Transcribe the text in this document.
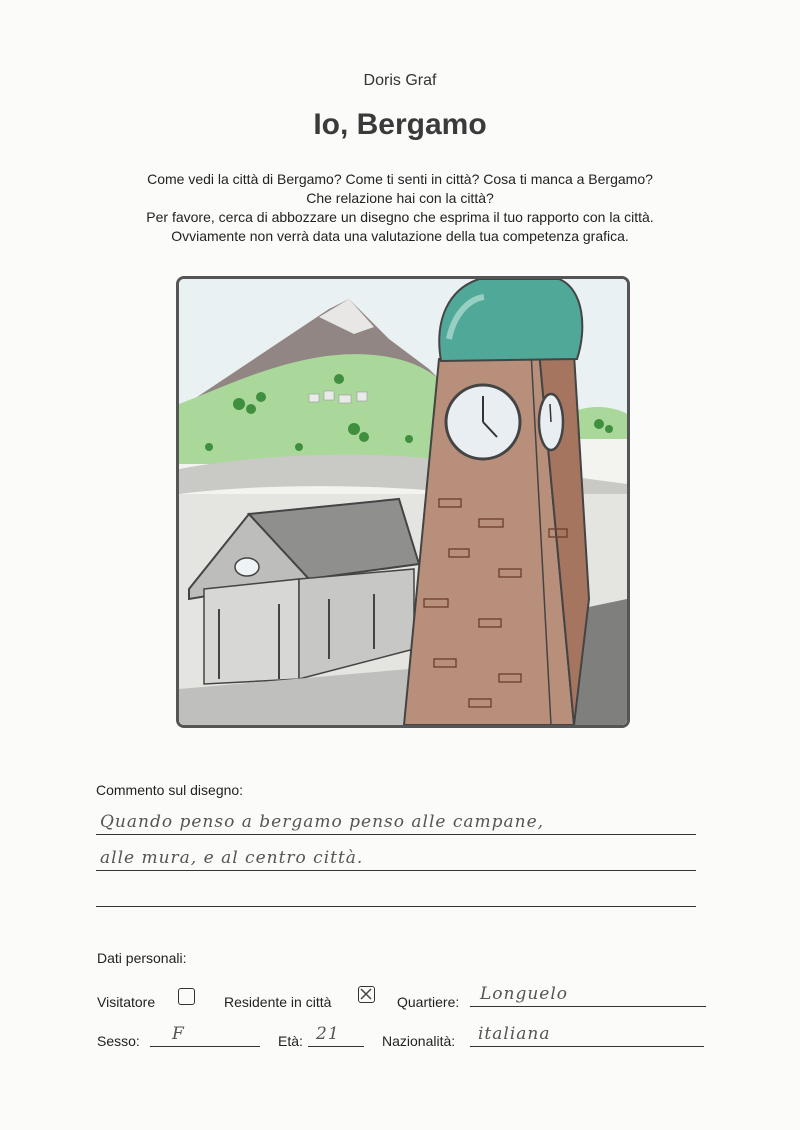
Doris Graf
Io, Bergamo
Come vedi la città di Bergamo? Come ti senti in città? Cosa ti manca a Bergamo?
Che relazione hai con la città?
Per favore, cerca di abbozzare un disegno che esprima il tuo rapporto con la città.
Ovviamente non verrà data una valutazione della tua competenza grafica.
Commento sul disegno:
Quando penso a bergamo penso alle campane,
alle mura, e al centro città.
Dati personali:
Visitatore	Residente in città	Quartiere: Longuelo
Sesso: F	Età: 21	Nazionalità: italiana
